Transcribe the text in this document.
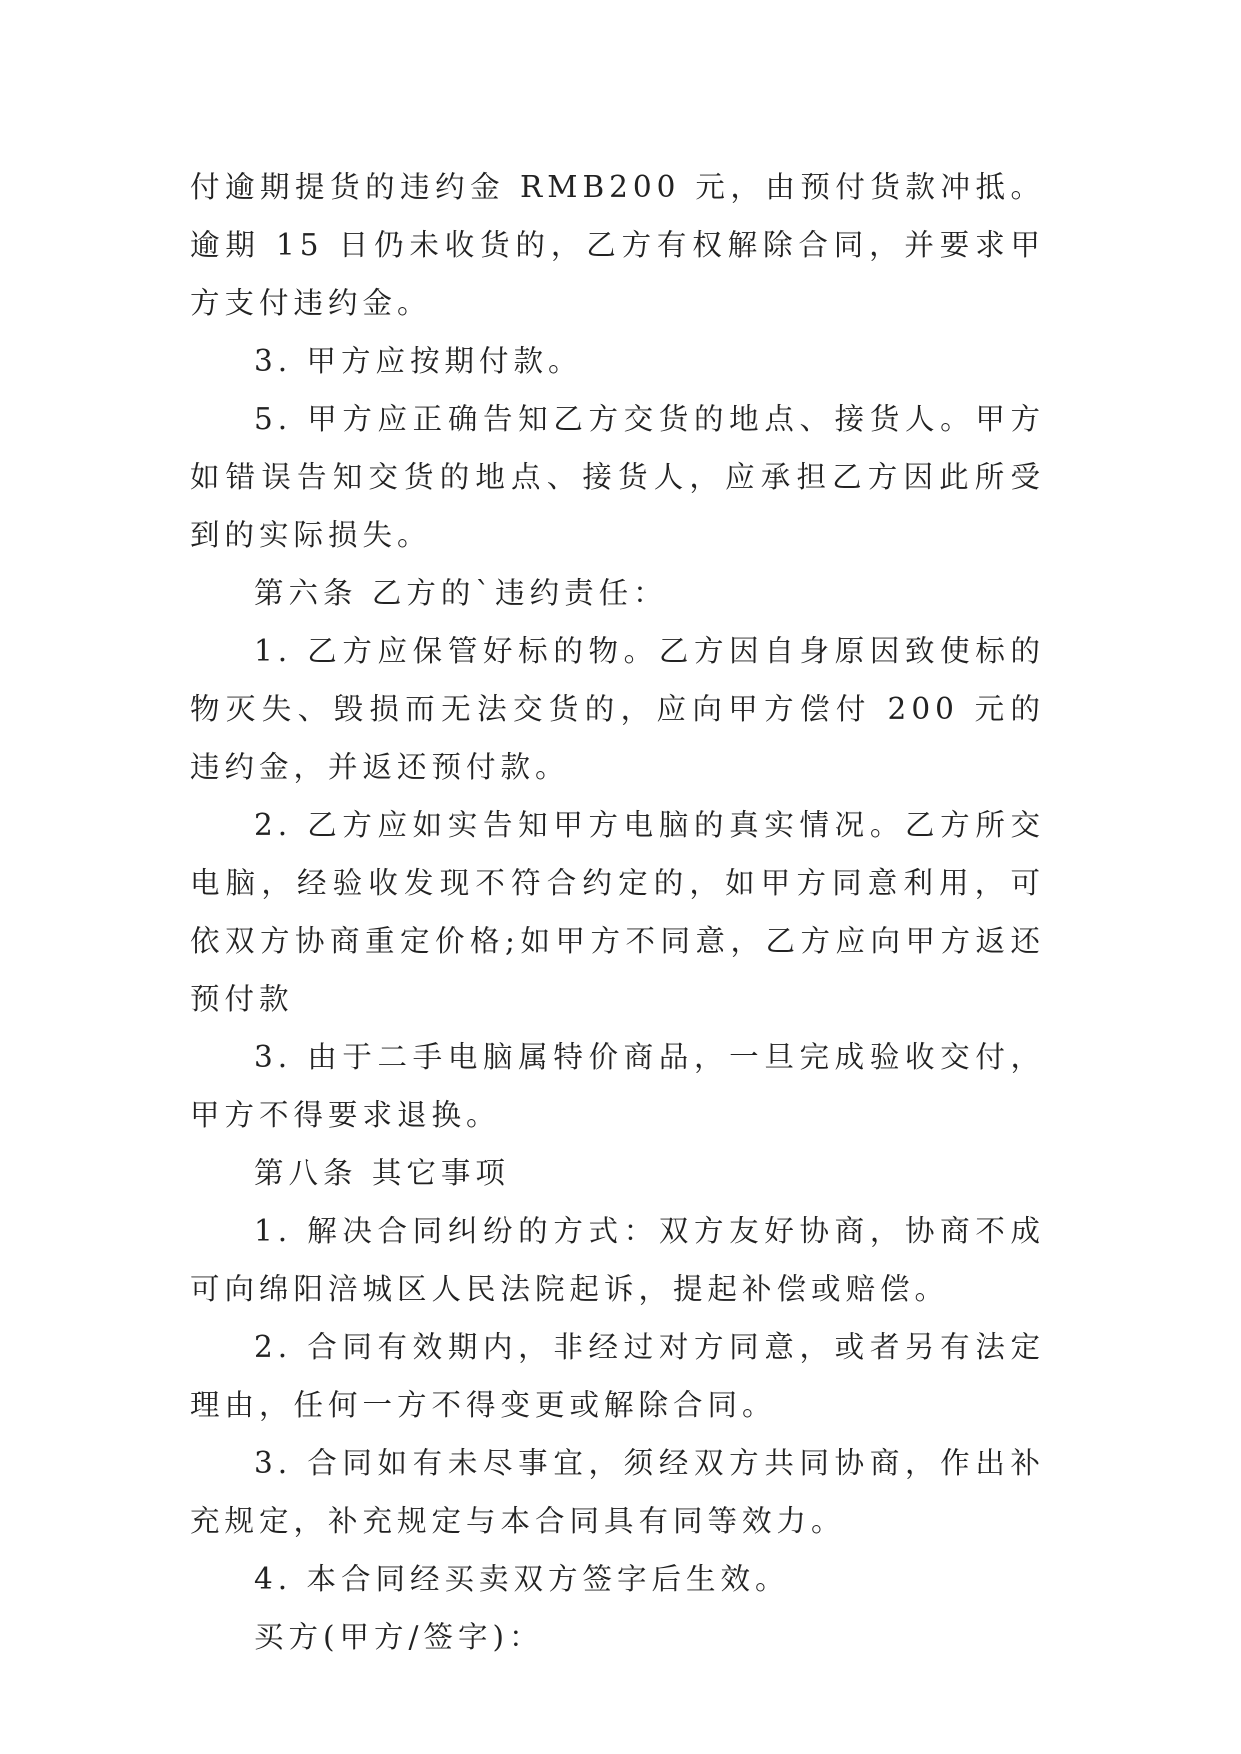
付逾期提货的违约金 RMB200 元，由预付货款冲抵。逾期 15 日仍未收货的，乙方有权解除合同，并要求甲方支付违约金。

3. 甲方应按期付款。

5. 甲方应正确告知乙方交货的地点、接货人。甲方如错误告知交货的地点、接货人，应承担乙方因此所受到的实际损失。

第六条 乙方的`违约责任：

1. 乙方应保管好标的物。乙方因自身原因致使标的物灭失、毁损而无法交货的，应向甲方偿付 200 元的违约金，并返还预付款。

2. 乙方应如实告知甲方电脑的真实情况。乙方所交电脑，经验收发现不符合约定的，如甲方同意利用，可依双方协商重定价格;如甲方不同意，乙方应向甲方返还预付款

3. 由于二手电脑属特价商品，一旦完成验收交付，甲方不得要求退换。

第八条 其它事项

1. 解决合同纠纷的方式：双方友好协商，协商不成可向绵阳涪城区人民法院起诉，提起补偿或赔偿。

2. 合同有效期内，非经过对方同意，或者另有法定理由，任何一方不得变更或解除合同。

3. 合同如有未尽事宜，须经双方共同协商，作出补充规定，补充规定与本合同具有同等效力。

4. 本合同经买卖双方签字后生效。

买方(甲方/签字)：
